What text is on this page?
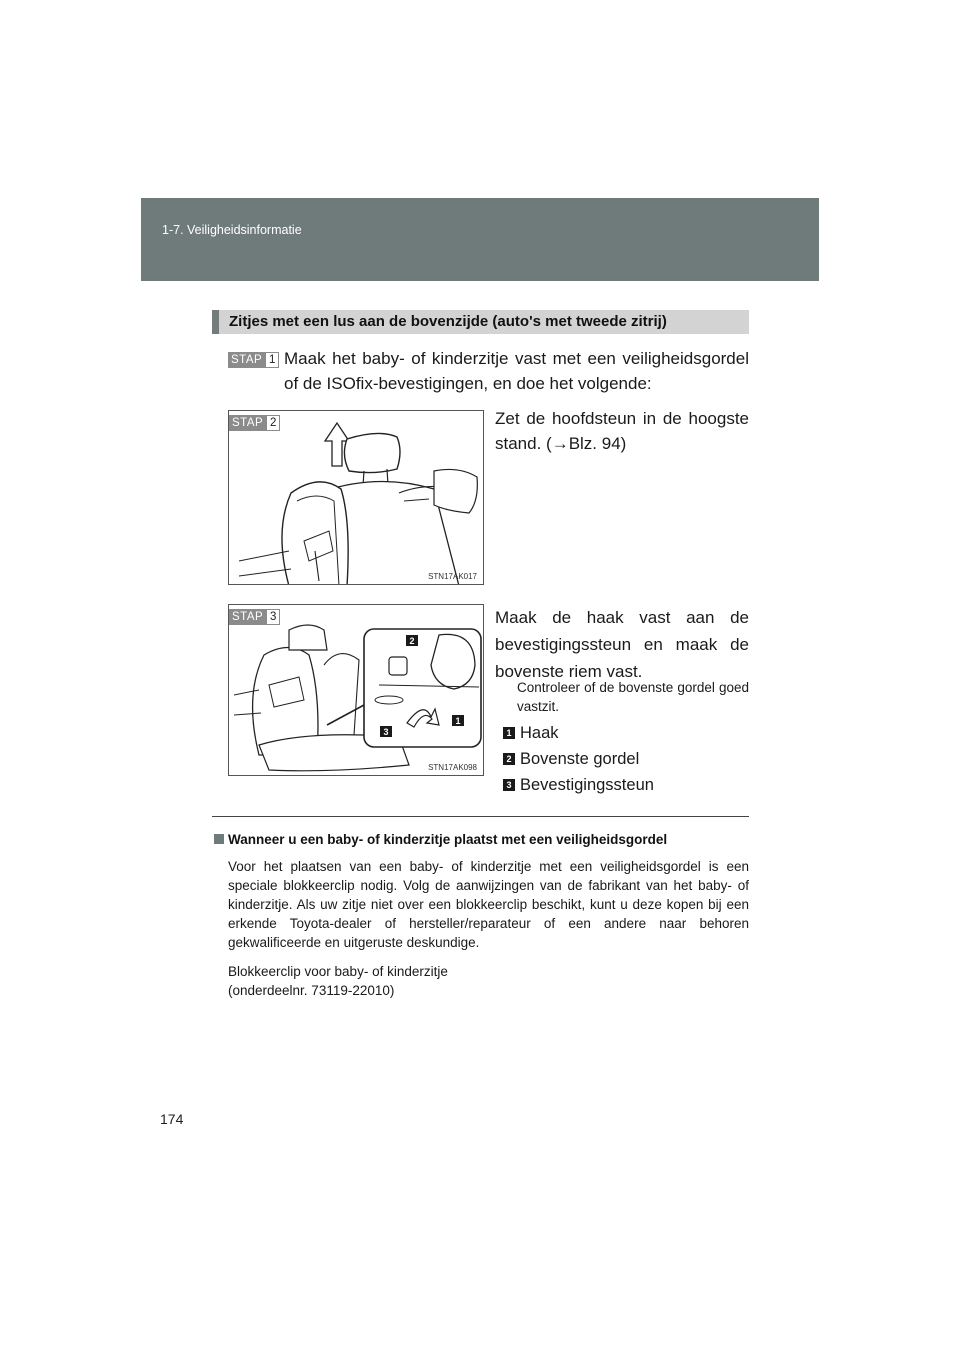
1-7. Veiligheidsinformatie
Zitjes met een lus aan de bovenzijde (auto's met tweede zitrij)
STAP 1 Maak het baby- of kinderzitje vast met een veiligheidsgordel of de ISOfix-bevestigingen, en doe het volgende:
STAP 2
STN17AK017
Zet de hoofdsteun in de hoogste stand. (→Blz. 94)
STAP 3
2
1
3
STN17AK098
Maak de haak vast aan de bevestigingssteun en maak de bovenste riem vast.
Controleer of de bovenste gordel goed vastzit.
1 Haak
2 Bovenste gordel
3 Bevestigingssteun
Wanneer u een baby- of kinderzitje plaatst met een veiligheidsgordel
Voor het plaatsen van een baby- of kinderzitje met een veiligheidsgordel is een speciale blokkeerclip nodig. Volg de aanwijzingen van de fabrikant van het baby- of kinderzitje. Als uw zitje niet over een blokkeerclip beschikt, kunt u deze kopen bij een erkende Toyota-dealer of hersteller/reparateur of een andere naar behoren gekwalificeerde en uitgeruste deskundige.
Blokkeerclip voor baby- of kinderzitje
(onderdeelnr. 73119-22010)
174
